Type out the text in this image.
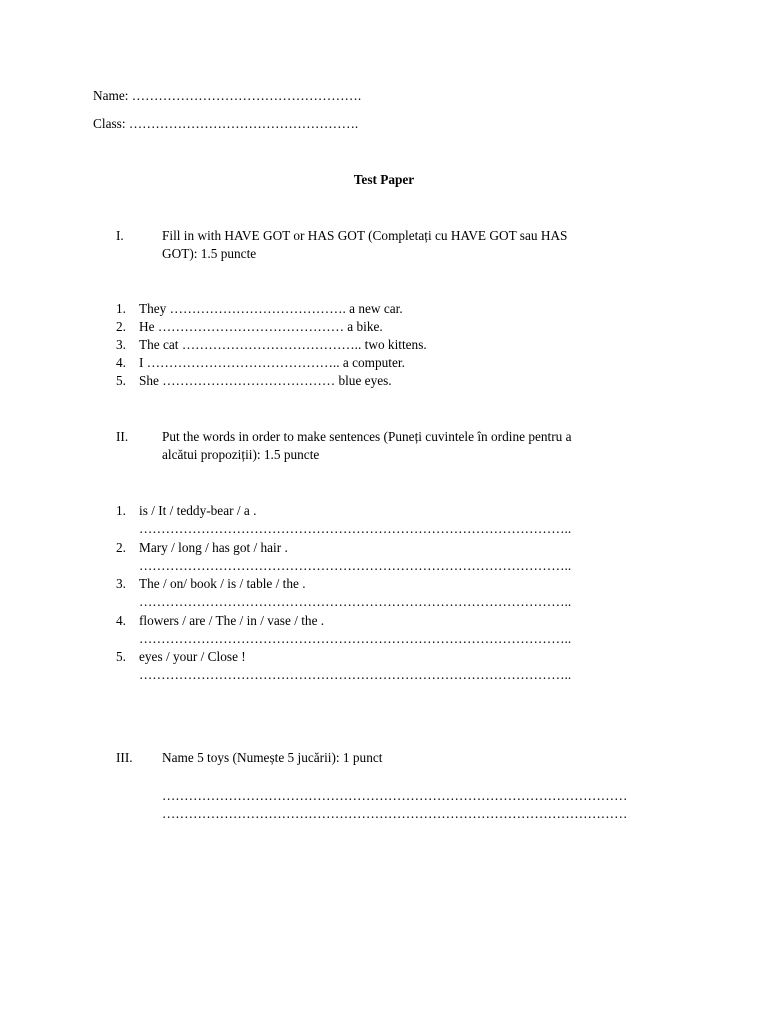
Name: …………………………………………….
Class: …………………………………………….
Test Paper
I.	Fill in with HAVE GOT or HAS GOT (Completați cu HAVE GOT sau HAS
GOT): 1.5 puncte
1. They …………………………………. a new car.
2. He …………………………………… a bike.
3. The cat ………………………………….. two kittens.
4. I …………………………………….. a computer.
5. She ………………………………… blue eyes.
II.	Put the words in order to make sentences (Puneți cuvintele în ordine pentru a
alcătui propoziții): 1.5 puncte
1. is / It / teddy-bear / a .
……………………………………………………………………………………..
2. Mary / long / has got / hair .
……………………………………………………………………………………..
3. The / on/ book / is / table / the .
……………………………………………………………………………………..
4. flowers / are / The / in / vase / the .
……………………………………………………………………………………..
5. eyes / your / Close !
……………………………………………………………………………………..
III. Name 5 toys (Numește 5 jucării): 1 punct
……………………………………………………………………………………………
……………………………………………………………………………………………
